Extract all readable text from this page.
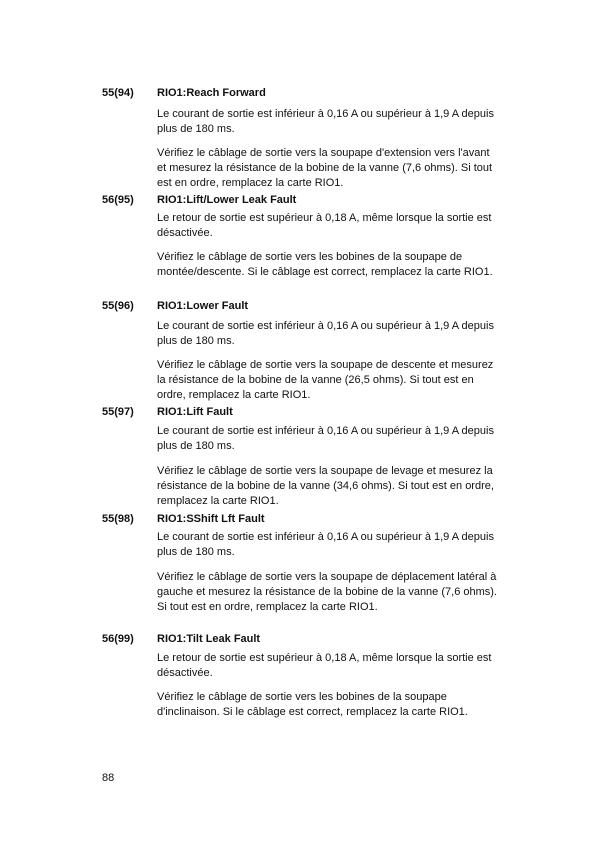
55(94) RIO1:Reach Forward
Le courant de sortie est inférieur à 0,16 A ou supérieur à 1,9 A depuis plus de 180 ms.
Vérifiez le câblage de sortie vers la soupape d'extension vers l'avant et mesurez la résistance de la bobine de la vanne (7,6 ohms). Si tout est en ordre, remplacez la carte RIO1.
56(95) RIO1:Lift/Lower Leak Fault
Le retour de sortie est supérieur à 0,18 A, même lorsque la sortie est désactivée.
Vérifiez le câblage de sortie vers les bobines de la soupape de montée/descente. Si le câblage est correct, remplacez la carte RIO1.
55(96) RIO1:Lower Fault
Le courant de sortie est inférieur à 0,16 A ou supérieur à 1,9 A depuis plus de 180 ms.
Vérifiez le câblage de sortie vers la soupape de descente et mesurez la résistance de la bobine de la vanne (26,5 ohms). Si tout est en ordre, remplacez la carte RIO1.
55(97) RIO1:Lift Fault
Le courant de sortie est inférieur à 0,16 A ou supérieur à 1,9 A depuis plus de 180 ms.
Vérifiez le câblage de sortie vers la soupape de levage et mesurez la résistance de la bobine de la vanne (34,6 ohms). Si tout est en ordre, remplacez la carte RIO1.
55(98) RIO1:SShift Lft Fault
Le courant de sortie est inférieur à 0,16 A ou supérieur à 1,9 A depuis plus de 180 ms.
Vérifiez le câblage de sortie vers la soupape de déplacement latéral à gauche et mesurez la résistance de la bobine de la vanne (7,6 ohms). Si tout est en ordre, remplacez la carte RIO1.
56(99) RIO1:Tilt Leak Fault
Le retour de sortie est supérieur à 0,18 A, même lorsque la sortie est désactivée.
Vérifiez le câblage de sortie vers les bobines de la soupape d'inclinaison. Si le câblage est correct, remplacez la carte RIO1.
88
